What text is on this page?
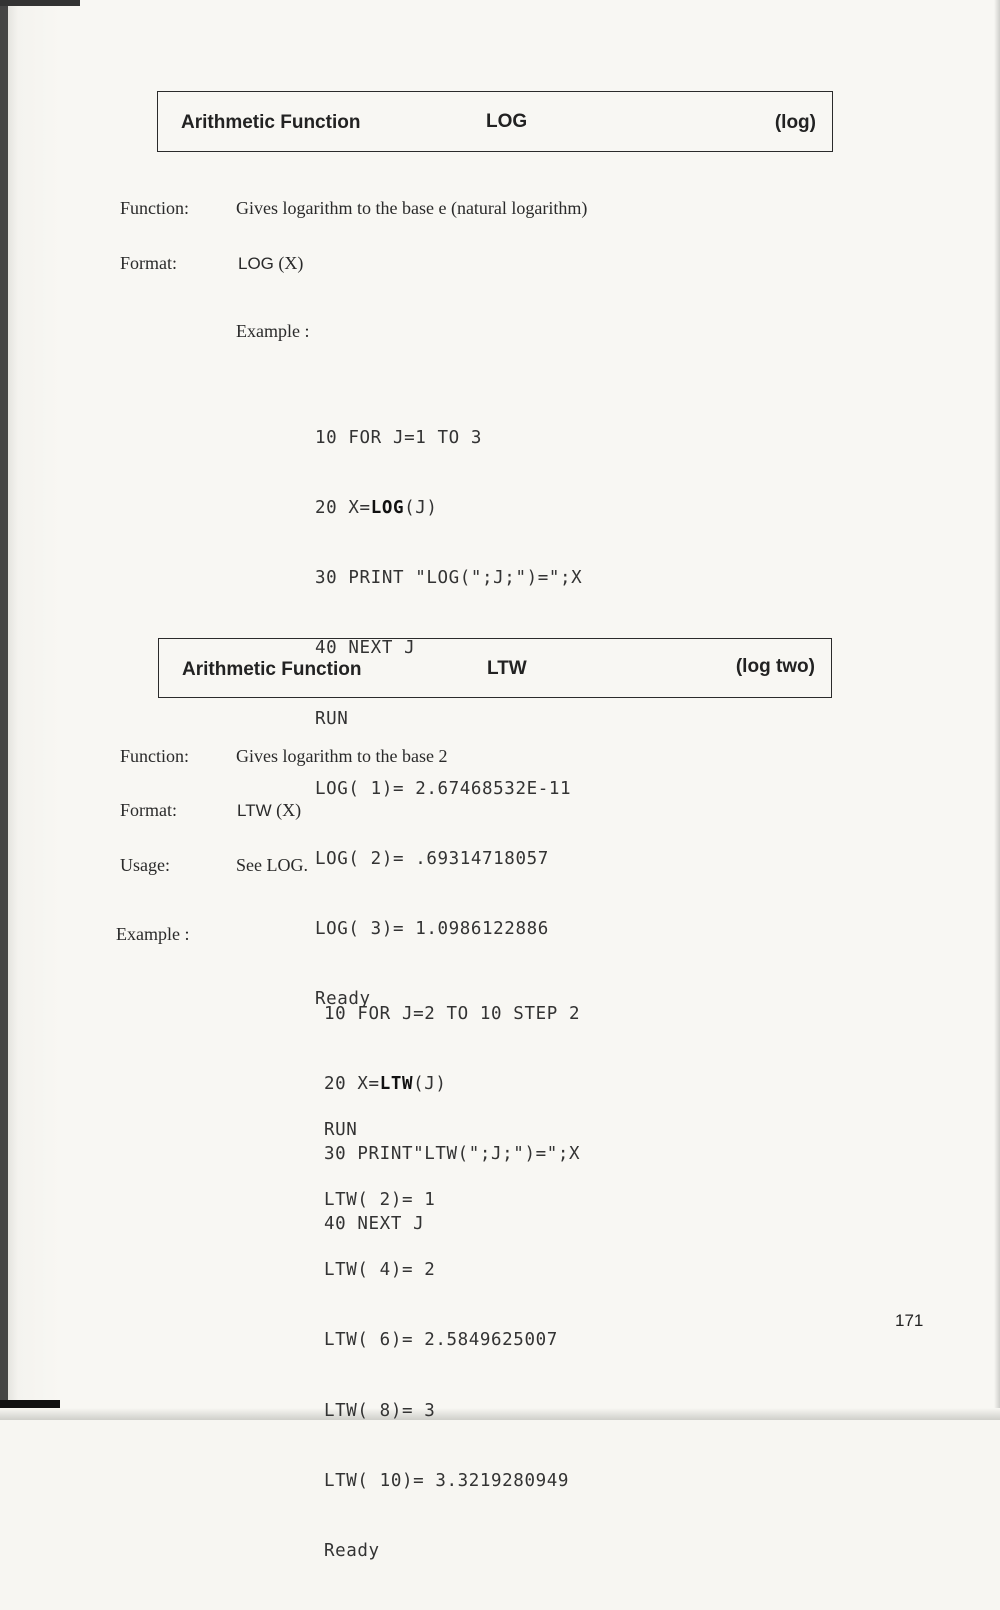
Arithmetic Function	LOG	(log)
Function:	Gives logarithm to the base e (natural logarithm)
Format:	LOG (X)
Example :

10 FOR J=1 TO 3

20 X=LOG(J)

30 PRINT "LOG(";J;")=";X

40 NEXT J

RUN

LOG( 1)= 2.67468532E-11

LOG( 2)= .69314718057

LOG( 3)= 1.0986122886

Ready

Arithmetic Function	LTW	(log two)
Function:	Gives logarithm to the base 2
Format:	LTW (X)
Usage:	See LOG.
Example :

10 FOR J=2 TO 10 STEP 2

20 X=LTW(J)

30 PRINT"LTW(";J;")=";X

40 NEXT J

RUN

LTW( 2)= 1

LTW( 4)= 2

LTW( 6)= 2.5849625007

LTW( 8)= 3

LTW( 10)= 3.3219280949

Ready

171
